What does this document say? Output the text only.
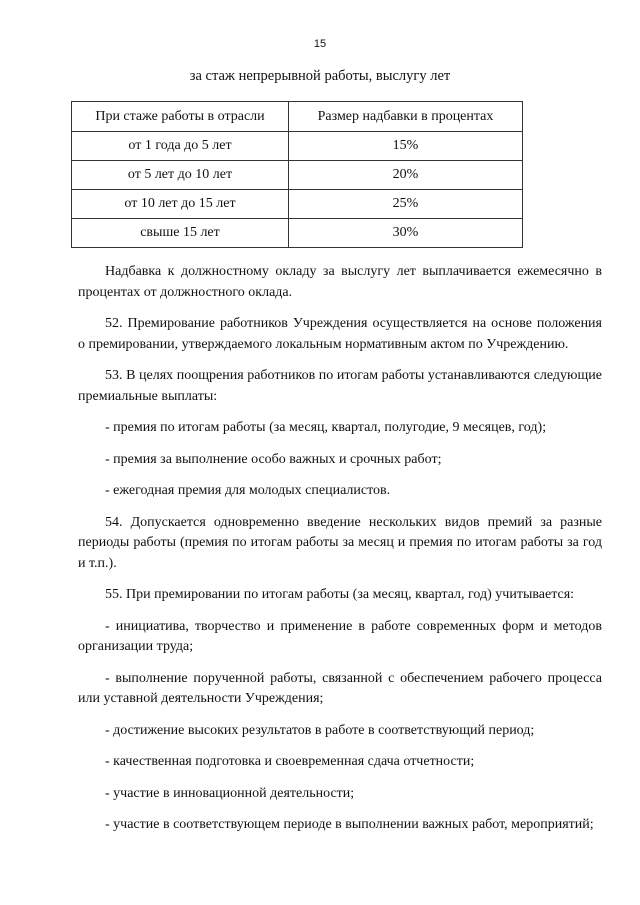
15
за стаж непрерывной работы, выслугу лет
При стаже работы в отрасли	Размер надбавки в процентах
от 1 года до 5 лет	15%
от 5 лет до 10 лет	20%
от 10 лет до 15 лет	25%
свыше 15 лет	30%

Надбавка к должностному окладу за выслугу лет выплачивается ежемесячно в процентах от должностного оклада.

52. Премирование работников Учреждения осуществляется на основе положения о премировании, утверждаемого локальным нормативным актом по Учреждению.

53. В целях поощрения работников по итогам работы устанавливаются следующие премиальные выплаты:

- премия по итогам работы (за месяц, квартал, полугодие, 9 месяцев, год);

- премия за выполнение особо важных и срочных работ;

- ежегодная премия для молодых специалистов.

54. Допускается одновременно введение нескольких видов премий за разные периоды работы (премия по итогам работы за месяц и премия по итогам работы за год и т.п.).

55. При премировании по итогам работы (за месяц, квартал, год) учитывается:

- инициатива, творчество и применение в работе современных форм и методов организации труда;

- выполнение порученной работы, связанной с обеспечением рабочего процесса или уставной деятельности Учреждения;

- достижение высоких результатов в работе в соответствующий период;

- качественная подготовка и своевременная сдача отчетности;

- участие в инновационной деятельности;

- участие в соответствующем периоде в выполнении важных работ, мероприятий;
